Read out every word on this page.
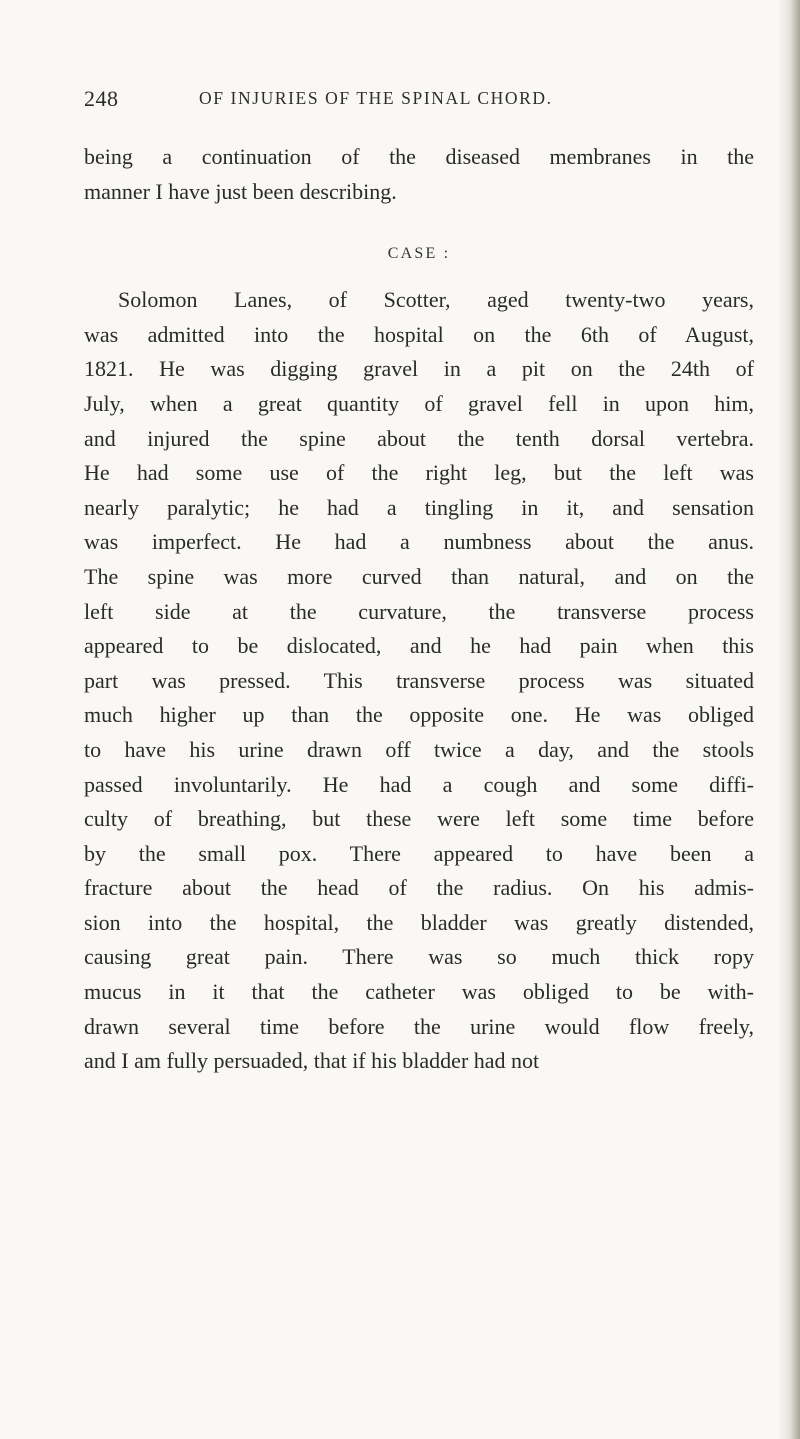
248	OF INJURIES OF THE SPINAL CHORD.
being a continuation of the diseased membranes in the
manner I have just been describing.
CASE :
Solomon Lanes, of Scotter, aged twenty-two years,
was admitted into the hospital on the 6th of August,
1821. He was digging gravel in a pit on the 24th of
July, when a great quantity of gravel fell in upon him,
and injured the spine about the tenth dorsal vertebra.
He had some use of the right leg, but the left was
nearly paralytic; he had a tingling in it, and sensation
was imperfect. He had a numbness about the anus.
The spine was more curved than natural, and on the
left side at the curvature, the transverse process
appeared to be dislocated, and he had pain when this
part was pressed. This transverse process was situated
much higher up than the opposite one. He was obliged
to have his urine drawn off twice a day, and the stools
passed involuntarily. He had a cough and some diffi-
culty of breathing, but these were left some time before
by the small pox. There appeared to have been a
fracture about the head of the radius. On his admis-
sion into the hospital, the bladder was greatly distended,
causing great pain. There was so much thick ropy
mucus in it that the catheter was obliged to be with-
drawn several time before the urine would flow freely,
and I am fully persuaded, that if his bladder had not
